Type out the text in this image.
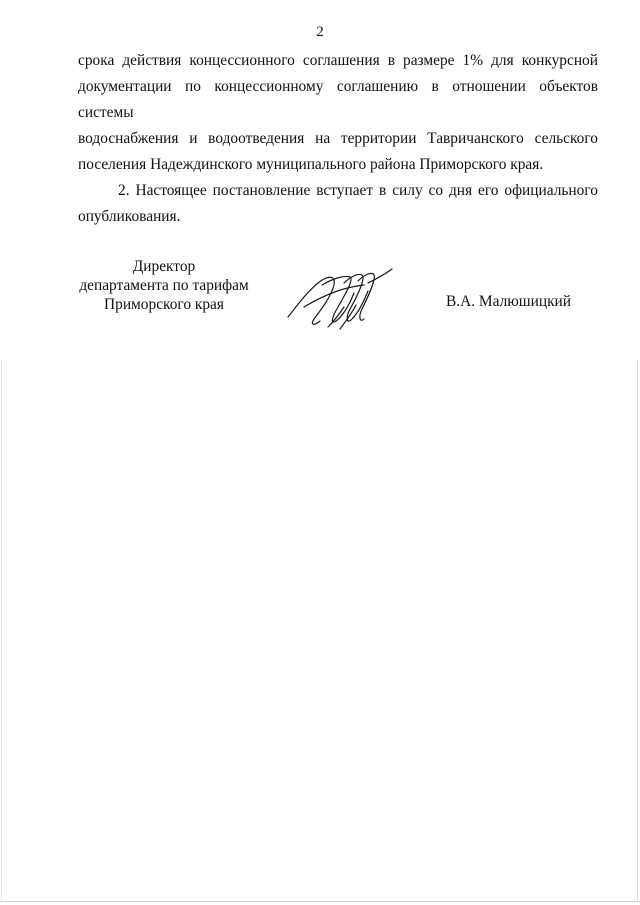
2

срока действия концессионного соглашения в размере 1% для конкурсной
документации по концессионному соглашению в отношении объектов системы
водоснабжения и водоотведения на территории Тавричанского сельского
поселения Надеждинского муниципального района Приморского края.

2. Настоящее постановление вступает в силу со дня его официального опубликования.

Директор
департамента по тарифам
Приморского края	В.А. Малюшицкий
